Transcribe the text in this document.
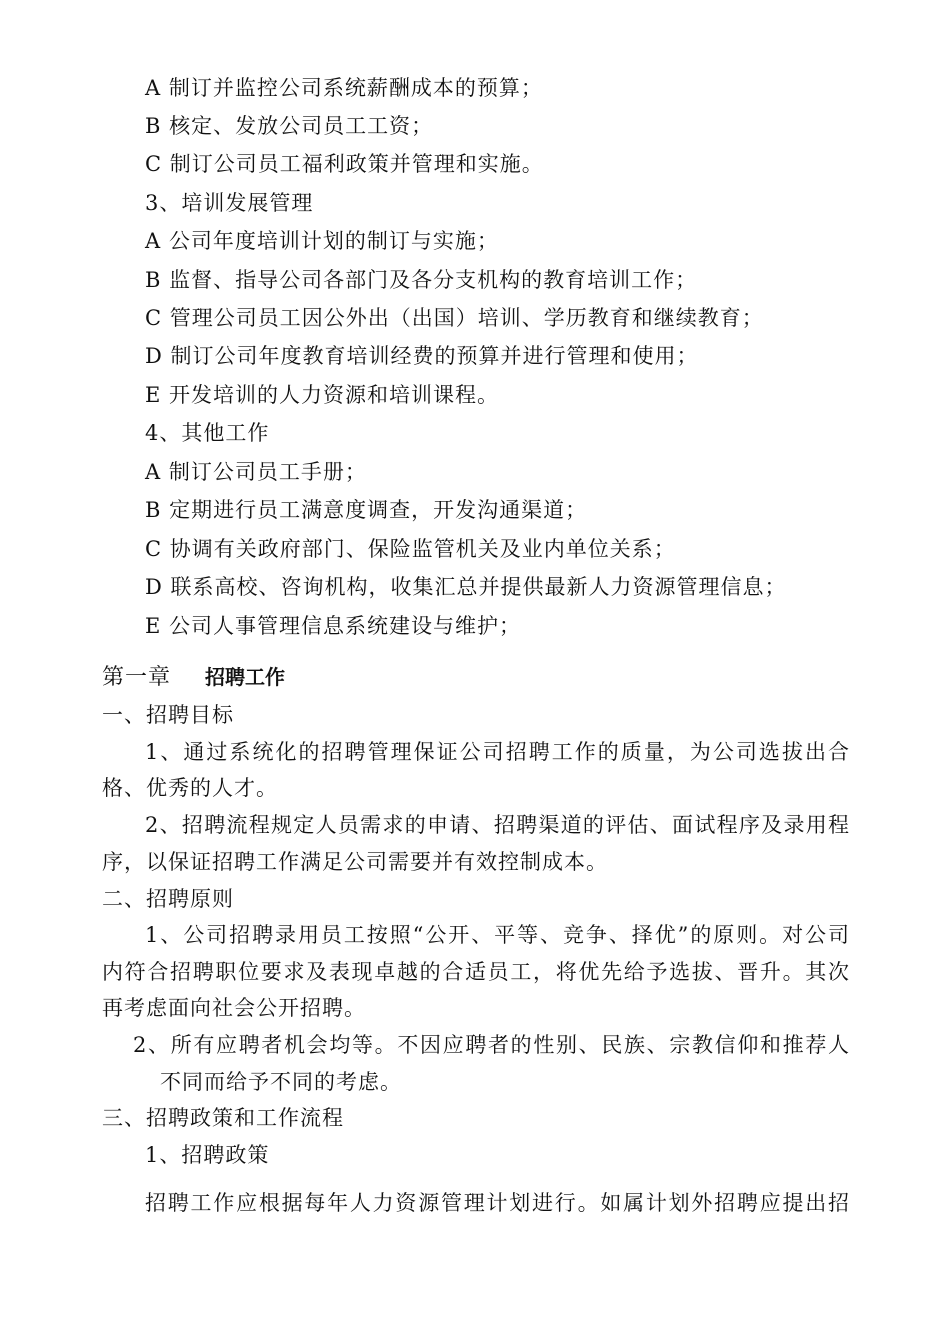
A 制订并监控公司系统薪酬成本的预算；
B 核定、发放公司员工工资；
C 制订公司员工福利政策并管理和实施。
3、培训发展管理
A 公司年度培训计划的制订与实施；
B 监督、指导公司各部门及各分支机构的教育培训工作；
C 管理公司员工因公外出（出国）培训、学历教育和继续教育；
D 制订公司年度教育培训经费的预算并进行管理和使用；
E 开发培训的人力资源和培训课程。
4、其他工作
A 制订公司员工手册；
B 定期进行员工满意度调查，开发沟通渠道；
C 协调有关政府部门、保险监管机关及业内单位关系；
D 联系高校、咨询机构，收集汇总并提供最新人力资源管理信息；
E 公司人事管理信息系统建设与维护；
第一章 招聘工作
一、招聘目标
1、通过系统化的招聘管理保证公司招聘工作的质量，为公司选拔出合
格、优秀的人才。
2、招聘流程规定人员需求的申请、招聘渠道的评估、面试程序及录用程
序，以保证招聘工作满足公司需要并有效控制成本。
二、招聘原则
1、公司招聘录用员工按照“公开、平等、竞争、择优”的原则。对公司
内符合招聘职位要求及表现卓越的合适员工，将优先给予选拔、晋升。其次
再考虑面向社会公开招聘。
2、所有应聘者机会均等。不因应聘者的性别、民族、宗教信仰和推荐人
不同而给予不同的考虑。
三、招聘政策和工作流程
1、招聘政策
招聘工作应根据每年人力资源管理计划进行。如属计划外招聘应提出招
